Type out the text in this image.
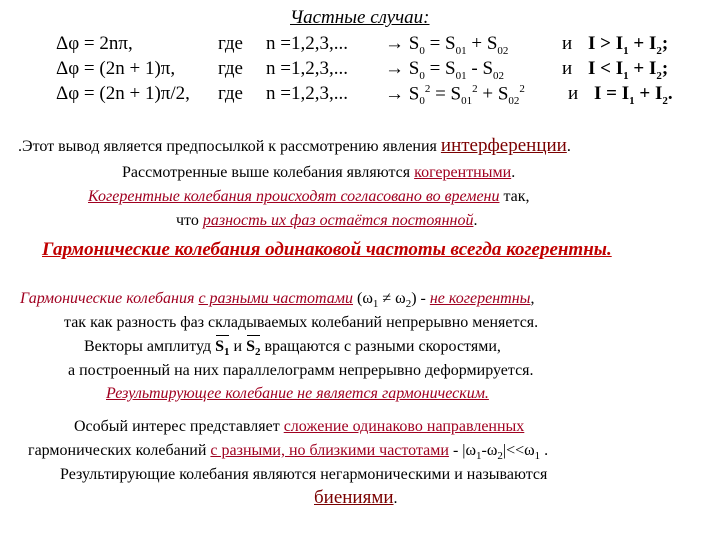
Частные случаи:
Δφ = 2nπ,	где n =1,2,3,... → $S_0 = S_{01} + S_{02}$	и $I > I_1 + I_2$;
Δφ = (2n + 1)π, где n =1,2,3,... → $S_0 = S_{01} - S_{02}$	и $I < I_1 + I_2$;
Δφ = (2n + 1)π/2, где n =1,2,3,... → $S_0^2 = S_{01}^2 + S_{02}^2$ и $I = I_1 + I_2$.
.Этот вывод является предпосылкой к рассмотрению явления интерференции.
Рассмотренные выше колебания являются когерентными.
Когерентные колебания происходят согласовано во времени так,
что разность их фаз остаётся постоянной.
Гармонические колебания одинаковой частоты всегда когерентны.
Гармонические колебания с разными частотами $(\omega_1 \ne \omega_2)$ - не когерентны,
так как разность фаз складываемых колебаний непрерывно меняется.
Векторы амплитуд $S_1$ и $S_2$ вращаются с разными скоростями,
а построенный на них параллелограмм непрерывно деформируется.
Результирующее колебание не является гармоническим.
Особый интерес представляет сложение одинаково направленных
гармонических колебаний с разными, но близкими частотами - $|\omega_1-\omega_2|<<\omega_1$ .
Результирующие колебания являются негармоническими и называются
биениями.
